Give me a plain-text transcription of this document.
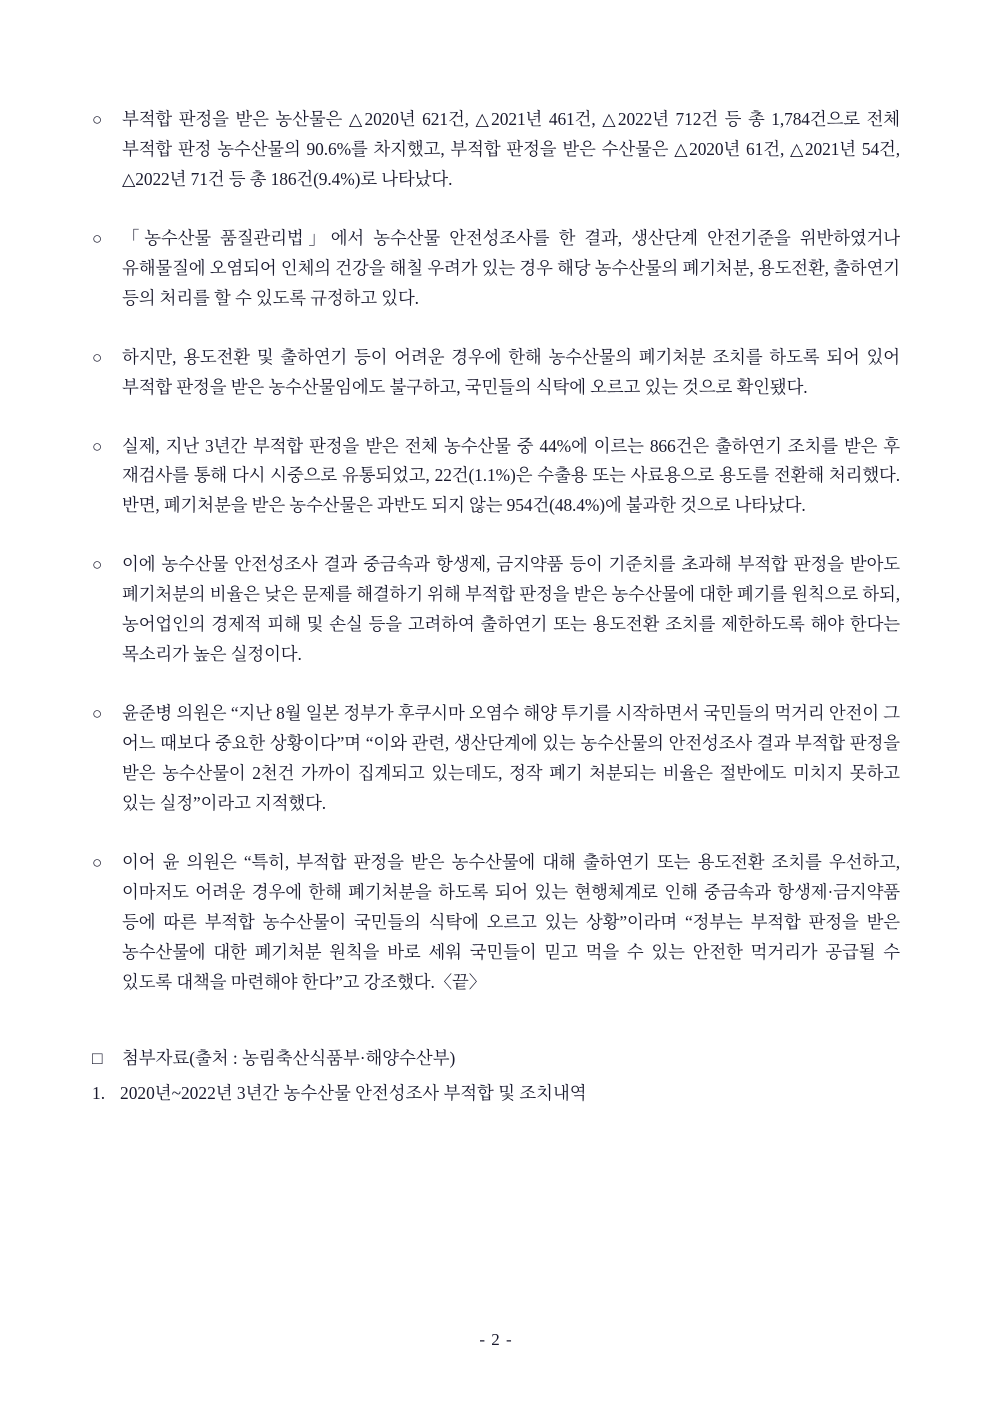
○	부적합 판정을 받은 농산물은 △2020년 621건, △2021년 461건, △2022년 712건 등 총 1,784건으로 전체 부적합 판정 농수산물의 90.6%를 차지했고, 부적합 판정을 받은 수산물은 △2020년 61건, △2021년 54건, △2022년 71건 등 총 186건(9.4%)로 나타났다.
○	「농수산물 품질관리법」에서 농수산물 안전성조사를 한 결과, 생산단계 안전기준을 위반하였거나 유해물질에 오염되어 인체의 건강을 해칠 우려가 있는 경우 해당 농수산물의 폐기처분, 용도전환, 출하연기 등의 처리를 할 수 있도록 규정하고 있다.
○	하지만, 용도전환 및 출하연기 등이 어려운 경우에 한해 농수산물의 폐기처분 조치를 하도록 되어 있어 부적합 판정을 받은 농수산물임에도 불구하고, 국민들의 식탁에 오르고 있는 것으로 확인됐다.
○	실제, 지난 3년간 부적합 판정을 받은 전체 농수산물 중 44%에 이르는 866건은 출하연기 조치를 받은 후 재검사를 통해 다시 시중으로 유통되었고, 22건(1.1%)은 수출용 또는 사료용으로 용도를 전환해 처리했다. 반면, 폐기처분을 받은 농수산물은 과반도 되지 않는 954건(48.4%)에 불과한 것으로 나타났다.
○	이에 농수산물 안전성조사 결과 중금속과 항생제, 금지약품 등이 기준치를 초과해 부적합 판정을 받아도 폐기처분의 비율은 낮은 문제를 해결하기 위해 부적합 판정을 받은 농수산물에 대한 폐기를 원칙으로 하되, 농어업인의 경제적 피해 및 손실 등을 고려하여 출하연기 또는 용도전환 조치를 제한하도록 해야 한다는 목소리가 높은 실정이다.
○	윤준병 의원은 “지난 8월 일본 정부가 후쿠시마 오염수 해양 투기를 시작하면서 국민들의 먹거리 안전이 그 어느 때보다 중요한 상황이다”며 “이와 관련, 생산단계에 있는 농수산물의 안전성조사 결과 부적합 판정을 받은 농수산물이 2천건 가까이 집계되고 있는데도, 정작 폐기 처분되는 비율은 절반에도 미치지 못하고 있는 실정”이라고 지적했다.
○	이어 윤 의원은 “특히, 부적합 판정을 받은 농수산물에 대해 출하연기 또는 용도전환 조치를 우선하고, 이마저도 어려운 경우에 한해 폐기처분을 하도록 되어 있는 현행체계로 인해 중금속과 항생제·금지약품 등에 따른 부적합 농수산물이 국민들의 식탁에 오르고 있는 상황”이라며 “정부는 부적합 판정을 받은 농수산물에 대한 폐기처분 원칙을 바로 세워 국민들이 믿고 먹을 수 있는 안전한 먹거리가 공급될 수 있도록 대책을 마련해야 한다”고 강조했다.〈끝〉
□	첨부자료(출처 : 농림축산식품부·해양수산부)
1. 2020년~2022년 3년간 농수산물 안전성조사 부적합 및 조치내역
- 2 -
